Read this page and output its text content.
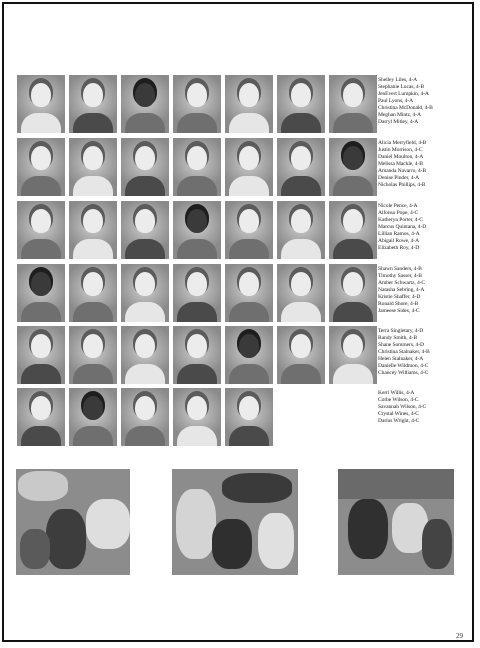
29
Shelley Liles, 4-A
Stephanie Lucas, 4-B
JenEvert Lumpkin, 4-A
Paul Lyons, 4-A
Christina McDonald, 4-B
Meghan Mintz, 4-A
Darryl Mitley, 4-A
Alicia Merryfield, 4-B
Justin Morrison, 4-C
Daniel Moulton, 4-A
Melissa Mackle, 4-B
Amanda Navarro, 4-B
Denise Pinder, 4-A
Nicholas Phillips, 4-B
Nicole Pence, 4-A
Alfonso Pope, 4-C
Katheryn Porter, 4-C
Marcus Quintana, 4-D
Lillian Ramos, 4-A
Abigail Rowe, 4-A
Elizabeth Roy, 4-D
Shawn Sanders, 4-B
Timothy Sasser, 4-B
Amber Schwartz, 4-C
Natasha Sebring, 4-A
Kristie Shaffer, 4-D
Ronald Shore, 4-B
Jameese Sides, 4-C
Terra Singletary, 4-D
Randy Smith, 4-B
Shane Sommers, 4-D
Christina Stalnaker, 4-B
Helen Stalnaker, 4-A
Danielle Wildmon, 4-C
Chancey Williams, 4-C
Kerri Willis, 4-A
Corbe Wilson, 4-C
Savannah Wilson, 4-C
Crystal Wines, 4-C
Darius Wright, 4-C
